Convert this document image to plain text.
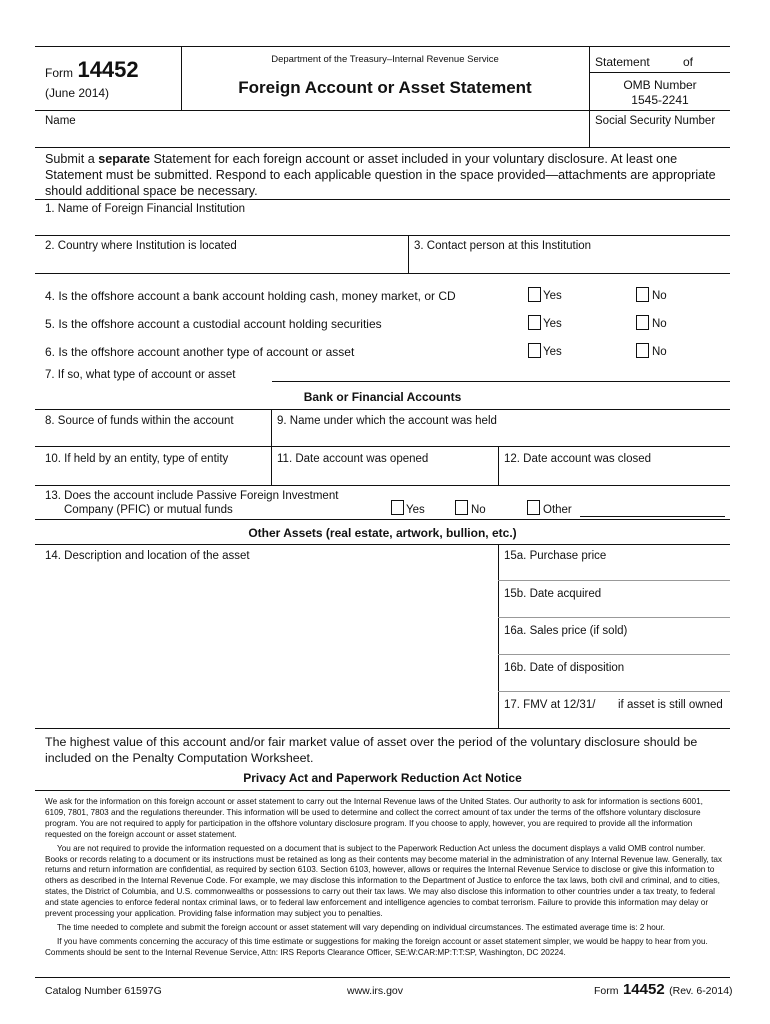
Form 14452
(June 2014)
Department of the Treasury–Internal Revenue Service
Foreign Account or Asset Statement
Statement	of
OMB Number
1545-2241
Name	Social Security Number
Submit a separate Statement for each foreign account or asset included in your voluntary disclosure. At least one Statement must be submitted. Respond to each applicable question in the space provided—attachments are appropriate should additional space be necessary.
1. Name of Foreign Financial Institution
2. Country where Institution is located	3. Contact person at this Institution
4. Is the offshore account a bank account holding cash, money market, or CD	Yes	No
5. Is the offshore account a custodial account holding securities	Yes	No
6. Is the offshore account another type of account or asset	Yes	No
7. If so, what type of account or asset
Bank or Financial Accounts
8. Source of funds within the account	9. Name under which the account was held
10. If held by an entity, type of entity	11. Date account was opened	12. Date account was closed
13. Does the account include Passive Foreign Investment
Company (PFIC) or mutual funds	Yes	No	Other
Other Assets (real estate, artwork, bullion, etc.)
14. Description and location of the asset	15a. Purchase price
15b. Date acquired
16a. Sales price (if sold)
16b. Date of disposition
17. FMV at 12/31/ if asset is still owned
The highest value of this account and/or fair market value of asset over the period of the voluntary disclosure should be included on the Penalty Computation Worksheet.
Privacy Act and Paperwork Reduction Act Notice
We ask for the information on this foreign account or asset statement to carry out the Internal Revenue laws of the United States. Our authority to ask for information is sections 6001, 6109, 7801, 7803 and the regulations thereunder. This information will be used to determine and collect the correct amount of tax under the terms of the offshore voluntary disclosure program. You are not required to apply for participation in the offshore voluntary disclosure program. If you choose to apply, however, you are required to provide all the information requested on the foreign account or asset statement.
You are not required to provide the information requested on a document that is subject to the Paperwork Reduction Act unless the document displays a valid OMB control number. Books or records relating to a document or its instructions must be retained as long as their contents may become material in the administration of any Internal Revenue law. Generally, tax returns and return information are confidential, as required by section 6103. Section 6103, however, allows or requires the Internal Revenue Service to disclose or give this information to others as described in the Internal Revenue Code. For example, we may disclose this information to the Department of Justice to enforce the tax laws, both civil and criminal, and to cities, states, the District of Columbia, and U.S. commonwealths or possessions to carry out their tax laws. We may also disclose this information to other countries under a tax treaty, to federal and state agencies to enforce federal nontax criminal laws, or to federal law enforcement and intelligence agencies to combat terrorism. Failure to provide this information may delay or prevent processing your application. Providing false information may subject you to penalties.
The time needed to complete and submit the foreign account or asset statement will vary depending on individual circumstances. The estimated average time is: 2 hour.
If you have comments concerning the accuracy of this time estimate or suggestions for making the foreign account or asset statement simpler, we would be happy to hear from you. Comments should be sent to the Internal Revenue Service, Attn: IRS Reports Clearance Officer, SE:W:CAR:MP:T:T:SP, Washington, DC 20224.
Catalog Number 61597G	www.irs.gov	Form 14452 (Rev. 6-2014)
